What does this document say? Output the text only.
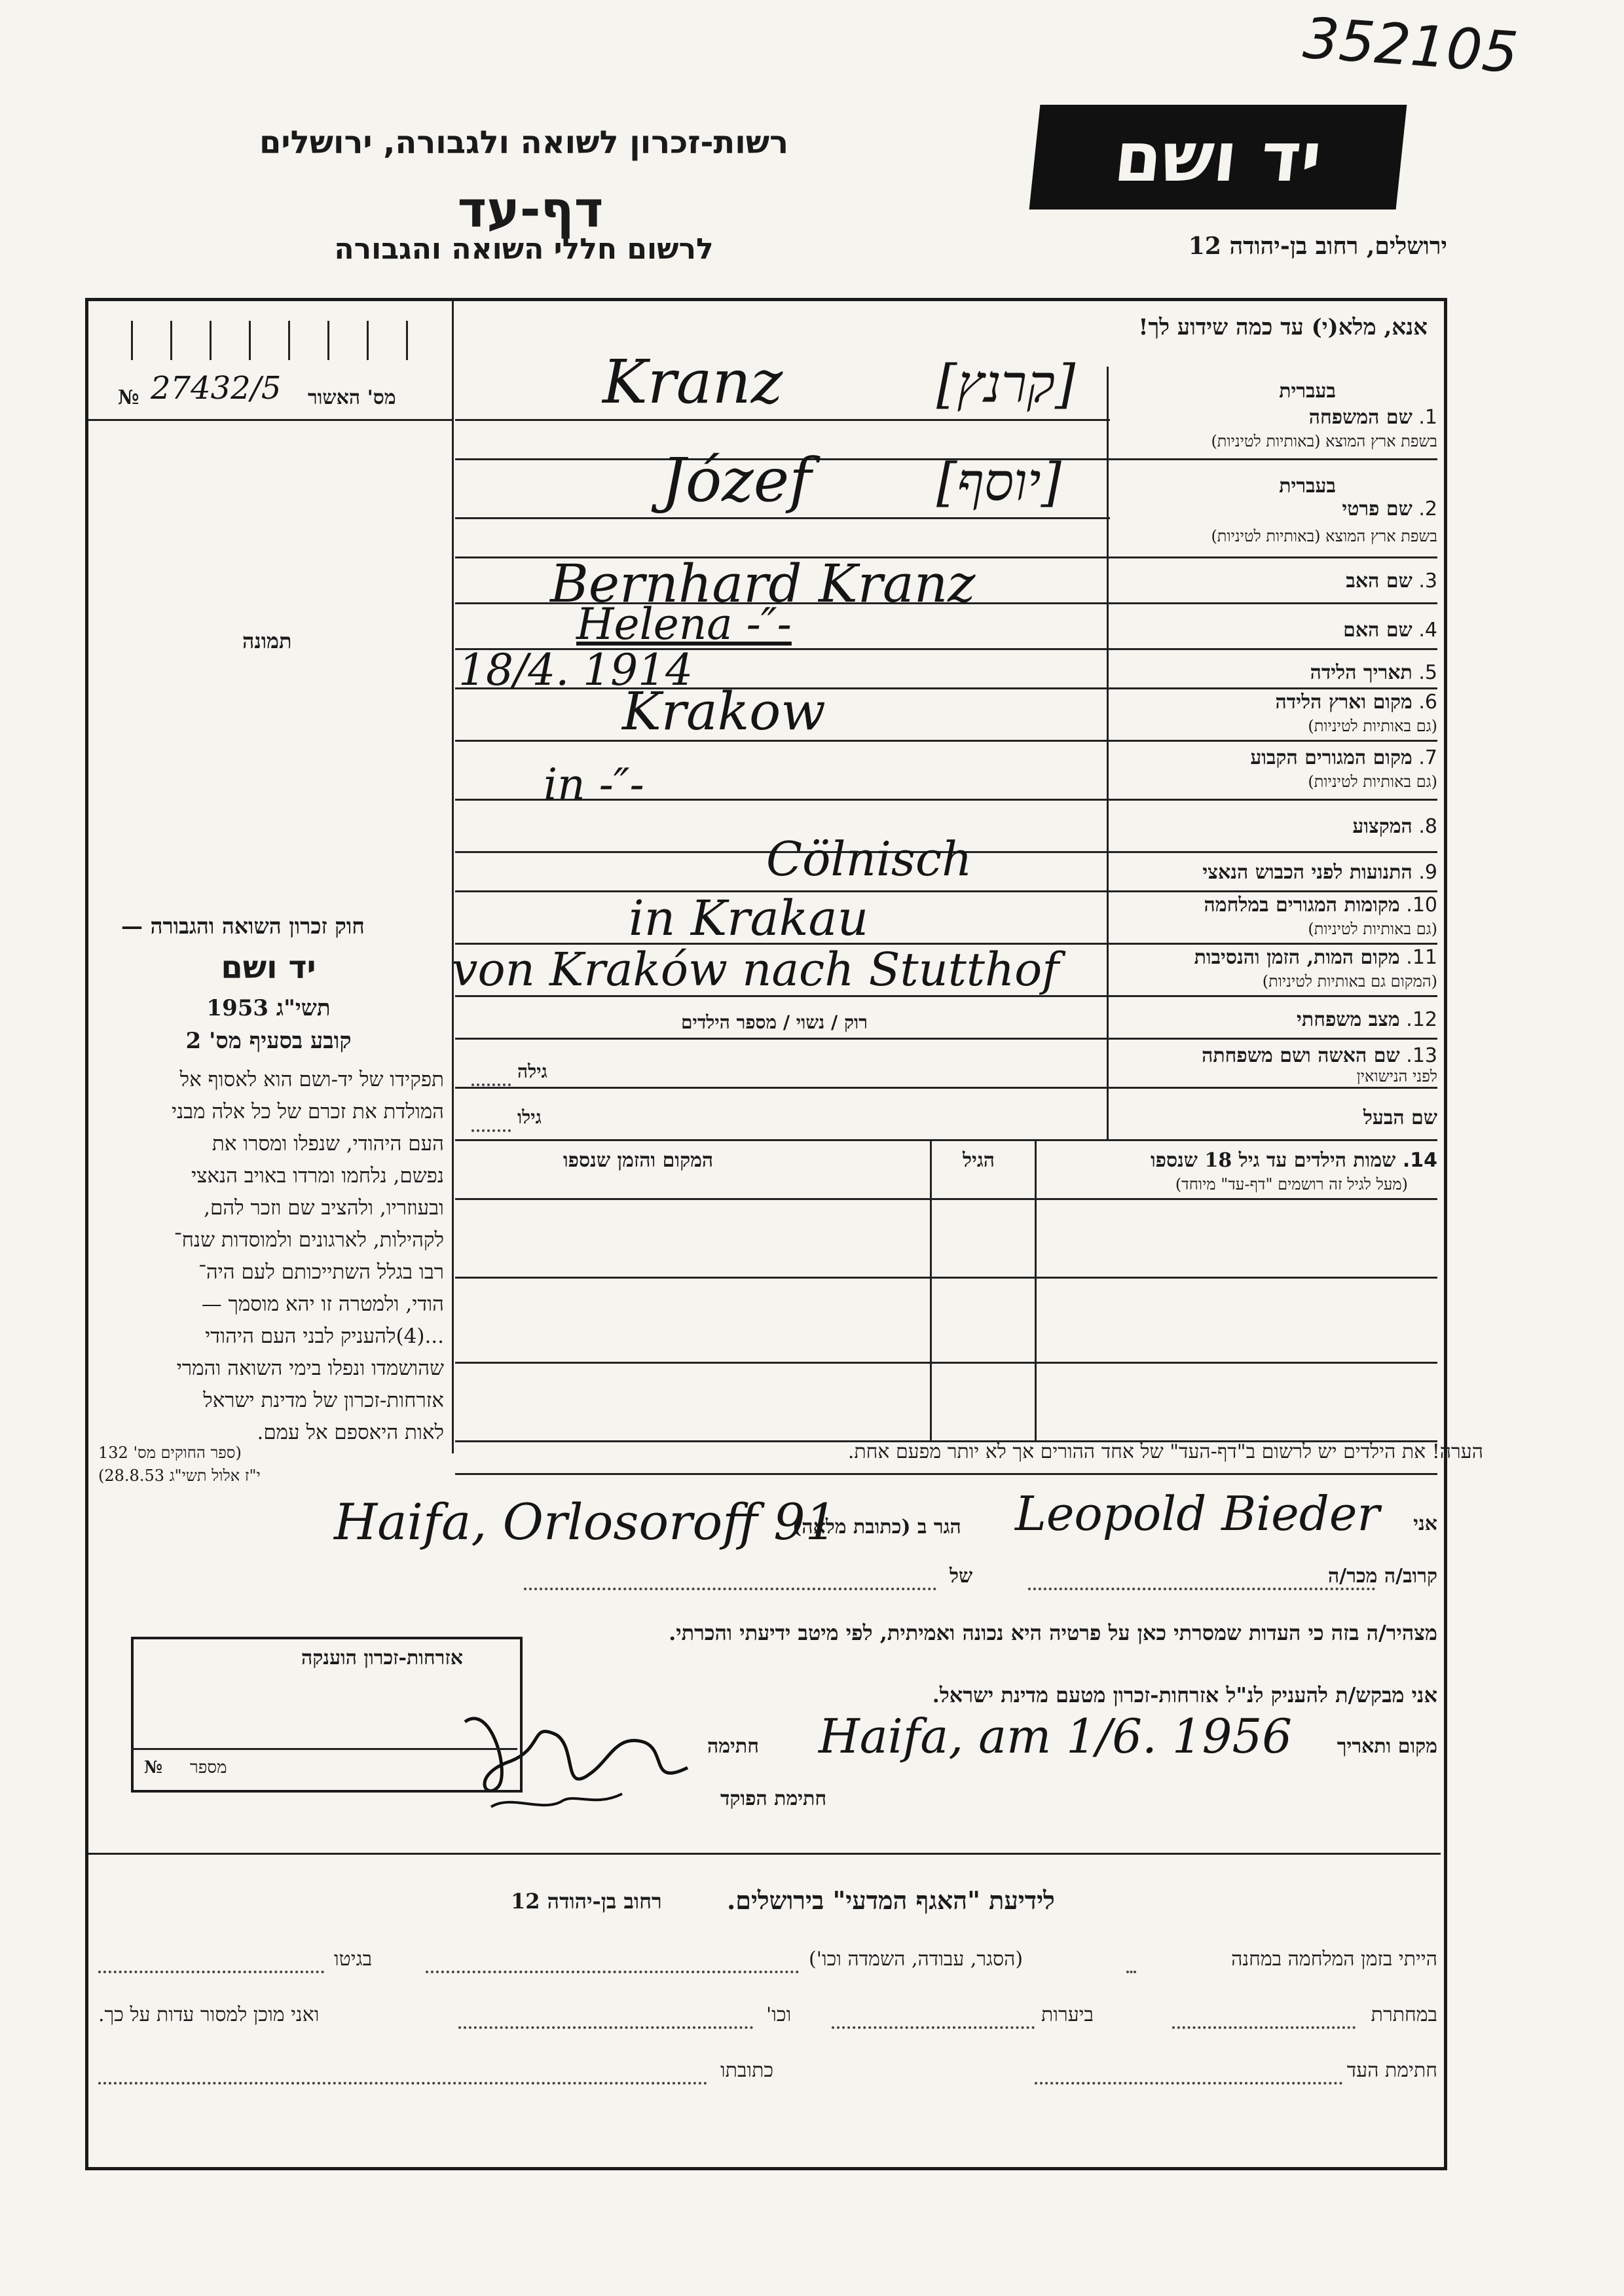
352105
רשות-זכרון לשואה ולגבורה, ירושלים
דף-עד
לרשום חללי השואה והגבורה
יד ושם
ירושלים, רחוב בן-יהודה 12
אנא, מלא(י) עד כמה שידוע לך!
מס' האשור
№ 27432/5
תמונה
חוק זכרון השואה והגבורה —
יד ושם
תשי"ג 1953
קובע בסעיף מס' 2
תפקידו של יד-ושם הוא לאסוף אל
המולדת את זכרם של כל אלה מבני
העם היהודי, שנפלו ומסרו את
נפשם, נלחמו ומרדו באויב הנאצי
ובעוזריו, ולהציב שם וזכר להם,
לקהילות, לארגונים ולמוסדות שנח־
רבו בגלל השתייכותם לעם היה־
הודי, ולמטרה זו יהא מוסמך —
...(4)להעניק לבני העם היהודי
שהושמדו ונפלו בימי השואה והמרי
אזרחות-זכרון של מדינת ישראל
לאות היאספם אל עמם.
(ספר החוקים מס' 132
י"ז אלול תשי"ג 28.8.53)
1. שם המשפחה
בשפת ארץ המוצא (באותיות לטיניות)
בעברית
2. שם פרטי
בשפת ארץ המוצא (באותיות לטיניות)
בעברית
3. שם האב
4. שם האם
5. תאריך הלידה
6. מקום וארץ הלידה
(גם באותיות לטיניות)
7. מקום המגורים הקבוע
(גם באותיות לטיניות)
8. המקצוע
9. התנועות לפני הכבוש הנאצי
10. מקומות המגורים במלחמה
(גם באותיות לטיניות)
11. מקום המות, הזמן והנסיבות
(המקום גם באותיות לטיניות)
12. מצב משפחתי
13. שם האשה ושם משפחתה
לפני הנישואין
שם הבעל
Kranz	[קרנץ]
Józef [יוסף]
Bernhard Kranz
Helena -″-
18/4. 1914
Krakow
in -″-
Cölnisch
in Krakau
von Kraków nach Stutthof
רוק / נשוי / מספר הילדים
גילה
גילו
14. שמות הילדים עד גיל 18 שנספו
(מעל לגיל זה רושמים "דף-עד" מיוחד)
הגיל
המקום והזמן שנספו
הערה! את הילדים יש לרשום ב"דף-העד" של אחד ההורים אך לא יותר מפעם אחת.
אני
Leopold Bieder
הגר ב (כתובת מלאה)
Haifa, Orlosoroff 91
קרוב/ה מכר/ה
של
מצהיר/ה בזה כי העדות שמסרתי כאן על פרטיה היא נכונה ואמיתית, לפי מיטב ידיעתי והכרתי.
אני מבקש/ת להעניק לנ"ל אזרחות-זכרון מטעם מדינת ישראל.
מקום ותאריך
Haifa, am 1/6. 1956
חתימה
חתימת הפוקד
אזרחות-זכרון הוענקה
מספר
№
לידיעת "האגף המדעי" בירושלים.
רחוב בן-יהודה 12
הייתי בזמן המלחמה במחנה
(הסגר, עבודה, השמדה וכו')
בגיטו
במחתרת
ביערות
וכו'
ואני מוכן למסור עדות על כך.
חתימת העד
כתובתו
